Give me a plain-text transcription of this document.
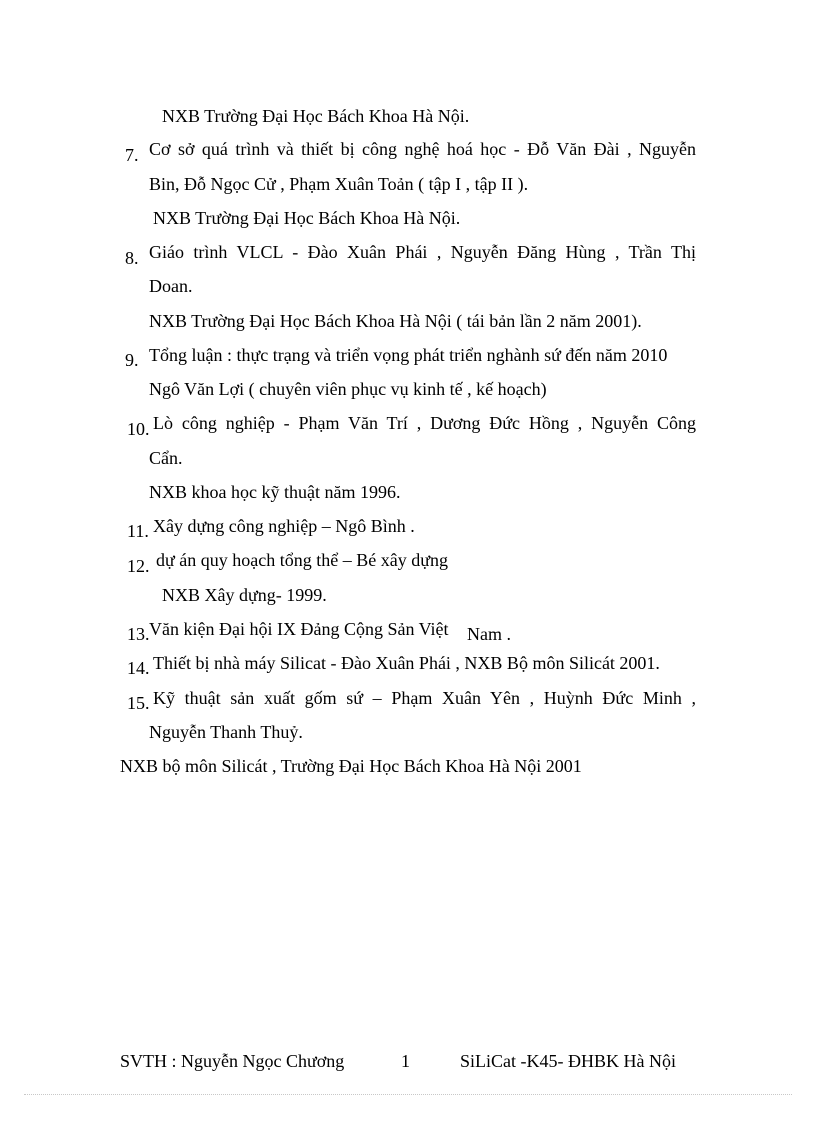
NXB Trường Đại Học Bách Khoa Hà Nội.
7. Cơ sở quá trình và thiết bị công nghệ hoá học - Đỗ Văn Đài , Nguyễn
Bin, Đỗ Ngọc Cử , Phạm Xuân Toản ( tập I , tập II ).
NXB Trường Đại Học Bách Khoa Hà Nội.
8. Giáo trình VLCL - Đào Xuân Phái , Nguyễn Đăng Hùng , Trần Thị
Doan.
NXB Trường Đại Học Bách Khoa Hà Nội ( tái bản lần 2 năm 2001).
9. Tổng luận : thực trạng và triển vọng phát triển nghành sứ đến năm 2010
Ngô Văn Lợi ( chuyên viên phục vụ kinh tế , kế hoạch)
10. Lò công nghiệp - Phạm Văn Trí , Dương Đức Hồng , Nguyễn Công
Cẩn.
NXB khoa học kỹ thuật năm 1996.
11. Xây dựng công nghiệp – Ngô Bình .
12. dự án quy hoạch tổng thể – Bé xây dựng
NXB Xây dựng- 1999.
13. Văn kiện Đại hội IX Đảng Cộng Sản Việt Nam .
14. Thiết bị nhà máy Silicat - Đào Xuân Phái , NXB Bộ môn Silicát 2001.
15. Kỹ thuật sản xuất gốm sứ – Phạm Xuân Yên , Huỳnh Đức Minh ,
Nguyễn Thanh Thuỷ.
NXB bộ môn Silicát , Trường Đại Học Bách Khoa Hà Nội 2001
SVTH : Nguyễn Ngọc Chương	1	SiLiCat -K45- ĐHBK Hà Nội
